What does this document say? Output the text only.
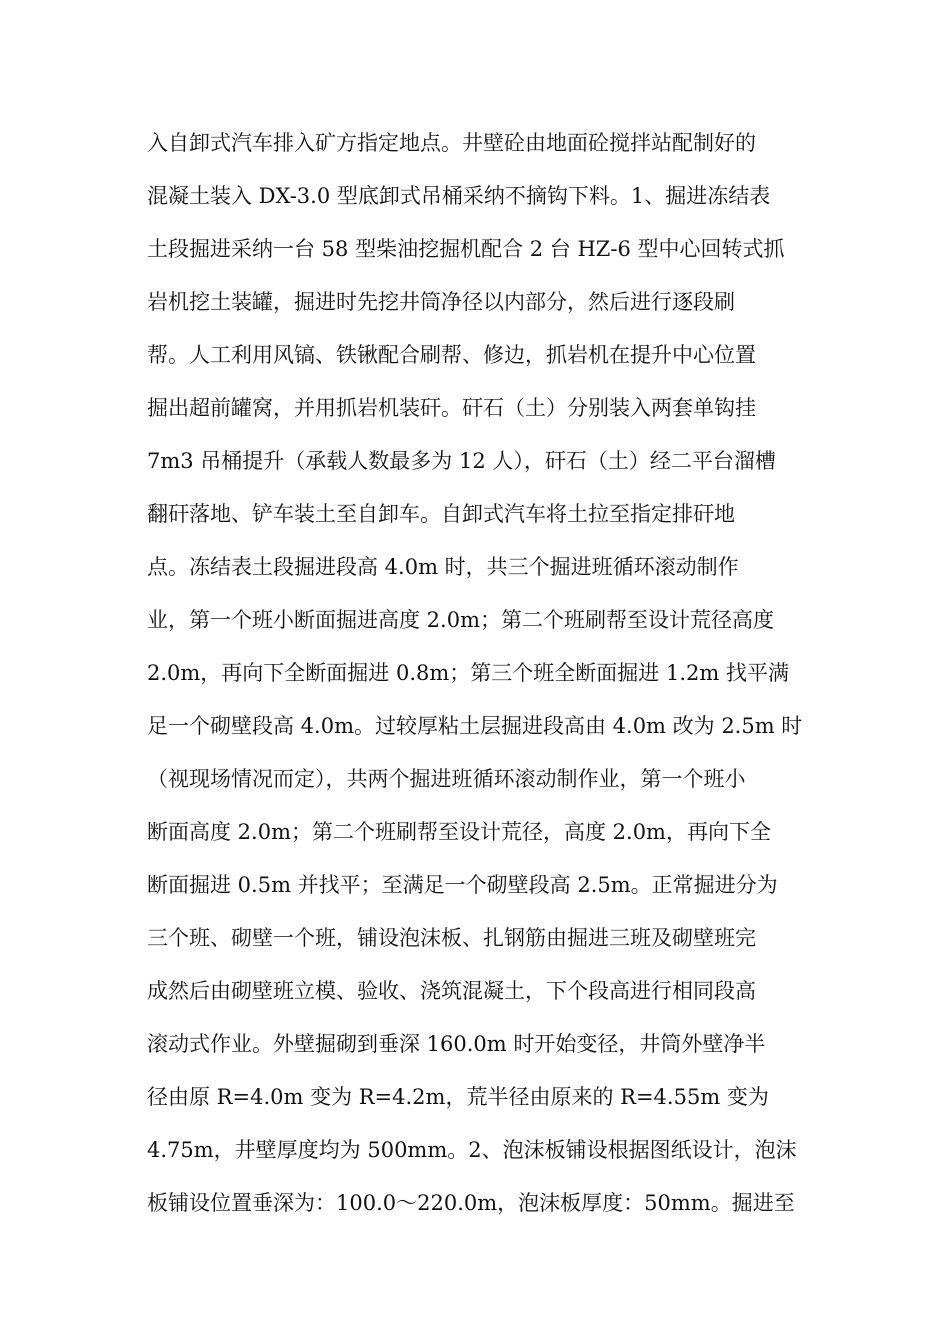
入自卸式汽车排入矿方指定地点。井壁砼由地面砼搅拌站配制好的
混凝土装入 DX-3.0 型底卸式吊桶采纳不摘钩下料。1、掘进冻结表
土段掘进采纳一台 58 型柴油挖掘机配合 2 台 HZ-6 型中心回转式抓
岩机挖土装罐，掘进时先挖井筒净径以内部分，然后进行逐段刷
帮。人工利用风镐、铁锹配合刷帮、修边，抓岩机在提升中心位置
掘出超前罐窝，并用抓岩机装矸。矸石（土）分别装入两套单钩挂
7m3 吊桶提升（承载人数最多为 12 人），矸石（土）经二平台溜槽
翻矸落地、铲车装土至自卸车。自卸式汽车将土拉至指定排矸地
点。冻结表土段掘进段高 4.0m 时，共三个掘进班循环滚动制作
业，第一个班小断面掘进高度 2.0m；第二个班刷帮至设计荒径高度
2.0m，再向下全断面掘进 0.8m；第三个班全断面掘进 1.2m 找平满
足一个砌壁段高 4.0m。过较厚粘土层掘进段高由 4.0m 改为 2.5m 时
（视现场情况而定），共两个掘进班循环滚动制作业，第一个班小
断面高度 2.0m；第二个班刷帮至设计荒径，高度 2.0m，再向下全
断面掘进 0.5m 并找平；至满足一个砌壁段高 2.5m。正常掘进分为
三个班、砌壁一个班，铺设泡沫板、扎钢筋由掘进三班及砌壁班完
成然后由砌壁班立模、验收、浇筑混凝土，下个段高进行相同段高
滚动式作业。外壁掘砌到垂深 160.0m 时开始变径，井筒外壁净半
径由原 R=4.0m 变为 R=4.2m，荒半径由原来的 R=4.55m 变为
4.75m，井壁厚度均为 500mm。2、泡沫板铺设根据图纸设计，泡沫
板铺设位置垂深为：100.0～220.0m，泡沫板厚度：50mm。掘进至
